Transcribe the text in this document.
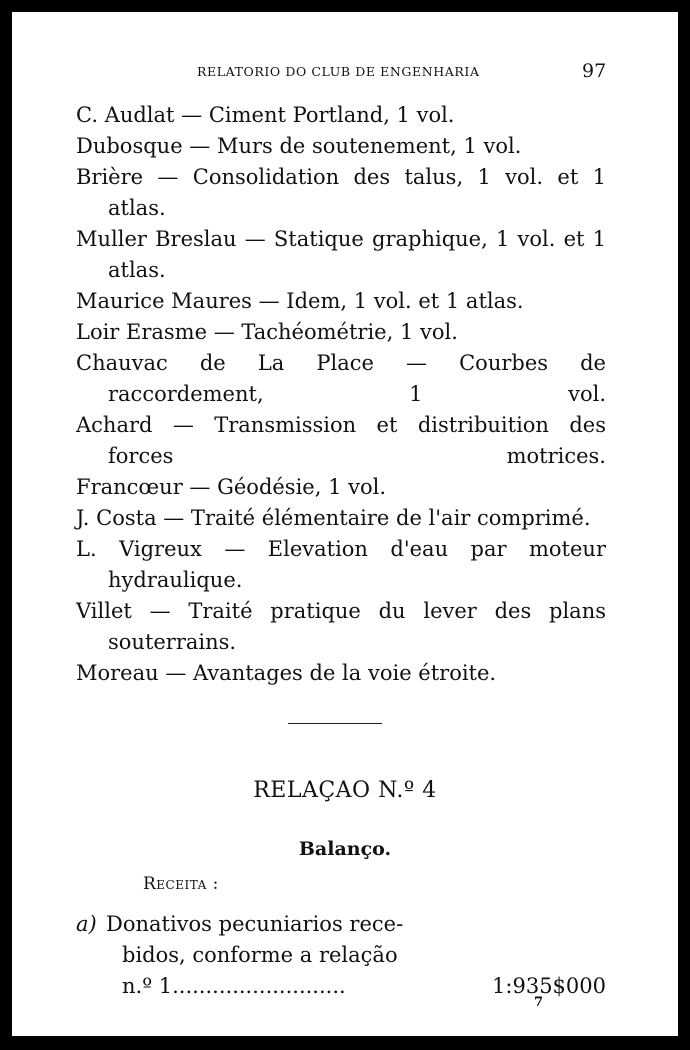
RELATORIO DO CLUB DE ENGENHARIA	97
C. Audlat — Ciment Portland, 1 vol.
Dubosque — Murs de soutenement, 1 vol.
Brière — Consolidation des talus, 1 vol. et 1 atlas.
Muller Breslau — Statique graphique, 1 vol. et 1 atlas.
Maurice Maures — Idem, 1 vol. et 1 atlas.
Loir Erasme — Tachéométrie, 1 vol.
Chauvac de La Place — Courbes de raccordement, 1 vol.
Achard — Transmission et distribuition des forces motrices.
Francœur — Géodésie, 1 vol.
J. Costa — Traité élémentaire de l'air comprimé.
L. Vigreux — Elevation d'eau par moteur hydraulique.
Villet — Traité pratique du lever des plans souterrains.
Moreau — Avantages de la voie étroite.
RELAÇAO N.º 4
Balanço.
Receita :
a) Donativos pecuniarios rece-
bidos, conforme a relação
n.º 1..........................	1:935$000
7
